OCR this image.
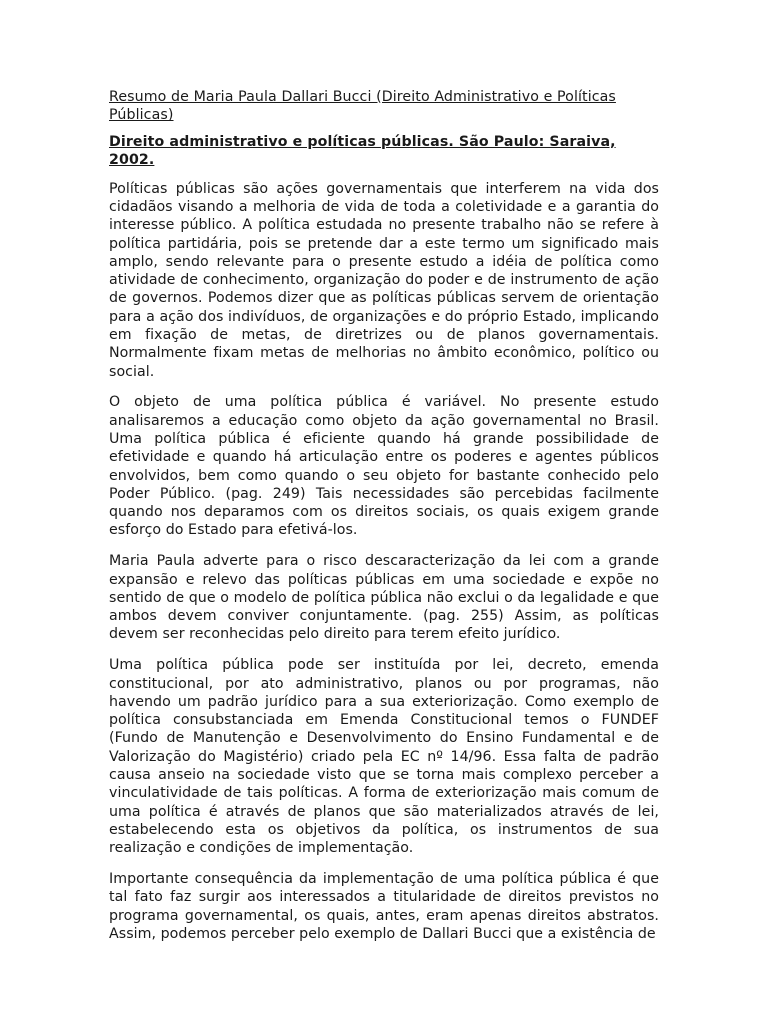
Resumo de Maria Paula Dallari Bucci (Direito Administrativo e Políticas Públicas)
Direito administrativo e políticas públicas. São Paulo: Saraiva, 2002.

Políticas públicas são ações governamentais que interferem na vida dos cidadãos visando a melhoria de vida de toda a coletividade e a garantia do interesse público. A política estudada no presente trabalho não se refere à política partidária, pois se pretende dar a este termo um significado mais amplo, sendo relevante para o presente estudo a idéia de política como atividade de conhecimento, organização do poder e de instrumento de ação de governos. Podemos dizer que as políticas públicas servem de orientação para a ação dos indivíduos, de organizações e do próprio Estado, implicando em fixação de metas, de diretrizes ou de planos governamentais. Normalmente fixam metas de melhorias no âmbito econômico, político ou social.

O objeto de uma política pública é variável. No presente estudo analisaremos a educação como objeto da ação governamental no Brasil. Uma política pública é eficiente quando há grande possibilidade de efetividade e quando há articulação entre os poderes e agentes públicos envolvidos, bem como quando o seu objeto for bastante conhecido pelo Poder Público. (pag. 249) Tais necessidades são percebidas facilmente quando nos deparamos com os direitos sociais, os quais exigem grande esforço do Estado para efetivá-los.

Maria Paula adverte para o risco descaracterização da lei com a grande expansão e relevo das políticas públicas em uma sociedade e expõe no sentido de que o modelo de política pública não exclui o da legalidade e que ambos devem conviver conjuntamente. (pag. 255) Assim, as políticas devem ser reconhecidas pelo direito para terem efeito jurídico.

Uma política pública pode ser instituída por lei, decreto, emenda constitucional, por ato administrativo, planos ou por programas, não havendo um padrão jurídico para a sua exteriorização. Como exemplo de política consubstanciada em Emenda Constitucional temos o FUNDEF (Fundo de Manutenção e Desenvolvimento do Ensino Fundamental e de Valorização do Magistério) criado pela EC nº 14/96. Essa falta de padrão causa anseio na sociedade visto que se torna mais complexo perceber a vinculatividade de tais políticas. A forma de exteriorização mais comum de uma política é através de planos que são materializados através de lei, estabelecendo esta os objetivos da política, os instrumentos de sua realização e condições de implementação.

Importante consequência da implementação de uma política pública é que tal fato faz surgir aos interessados a titularidade de direitos previstos no programa governamental, os quais, antes, eram apenas direitos abstratos. Assim, podemos perceber pelo exemplo de Dallari Bucci que a existência de
